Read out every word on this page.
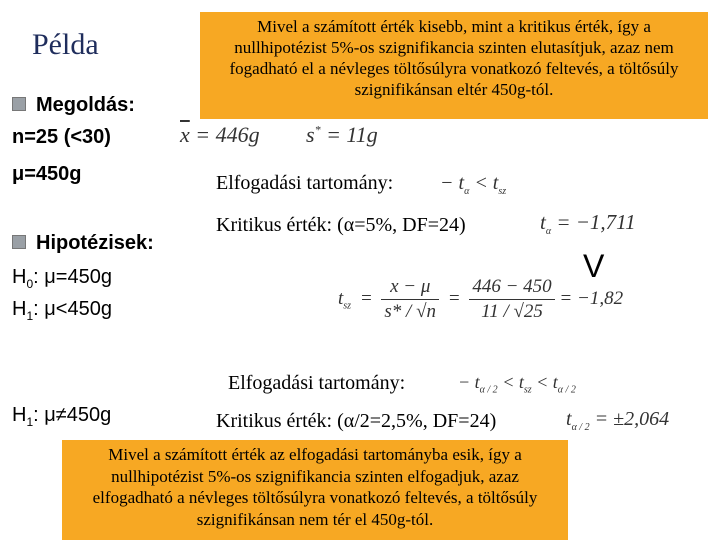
Példa
Mivel a számított érték kisebb, mint a kritikus érték, így a nullhipotézist 5%-os szignifikancia szinten elutasítjuk, azaz nem fogadható el a névleges töltősúlyra vonatkozó feltevés, a töltősúly szignifikánsan eltér 450g-tól.
Megoldás:
n=25 (<30)
μ=450g
$\overline{x} = 446g$ s* = 11g
Elfogadási tartomány: − $t_\alpha < t_{sz}$
Kritikus érték: (α=5%, DF=24)	$t_\alpha = -1,711$
V
Hipotézisek:
$H_0$: μ=450g
$H_1$: μ<450g	$t_{sz} = \frac{x - \mu}{s* / √n} = \frac{446 - 450}{11 / √25} = -1,82$
Elfogadási tartomány:	− $t_{\alpha / 2} < t_{sz} < t_{\alpha / 2}$
$H_1$: μ≠450g	Kritikus érték: (α/2=2,5%, DF=24)	$t_{\alpha / 2} = \pm 2,064$
Mivel a számított érték az elfogadási tartományba esik, így a nullhipotézist 5%-os szignifikancia szinten elfogadjuk, azaz elfogadható a névleges töltősúlyra vonatkozó feltevés, a töltősúly szignifikánsan nem tér el 450g-tól.
